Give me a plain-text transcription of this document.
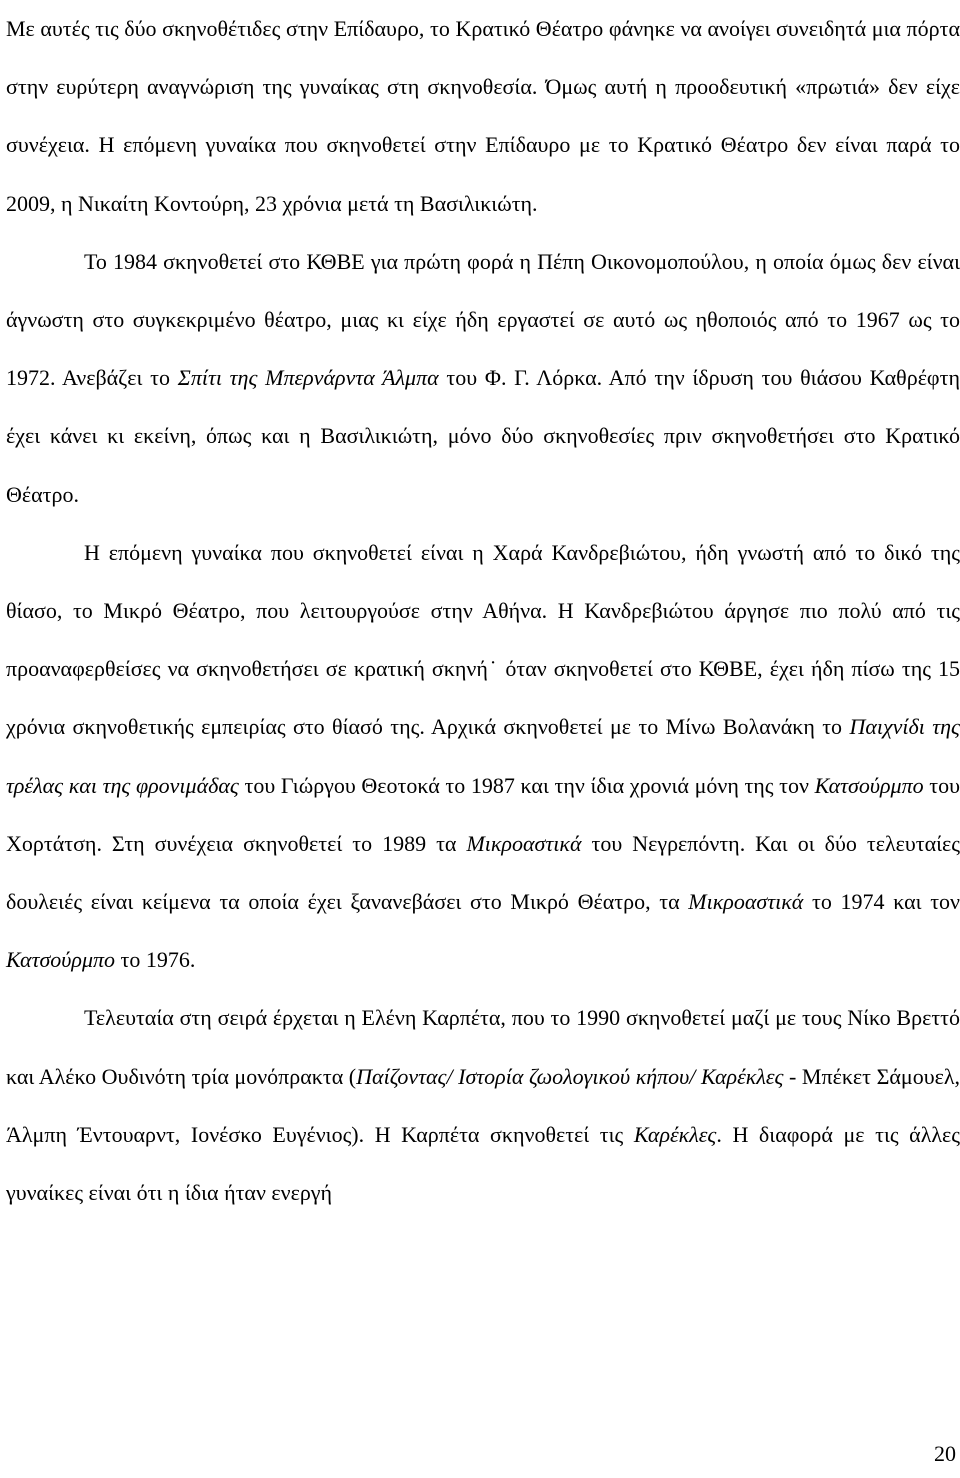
Με αυτές τις δύο σκηνοθέτιδες στην Επίδαυρο, το Κρατικό Θέατρο φάνηκε να ανοίγει συνειδητά μια πόρτα στην ευρύτερη αναγνώριση της γυναίκας στη σκηνοθεσία. Όμως αυτή η προοδευτική «πρωτιά» δεν είχε συνέχεια. Η επόμενη γυναίκα που σκηνοθετεί στην Επίδαυρο με το Κρατικό Θέατρο δεν είναι παρά το 2009, η Νικαίτη Κοντούρη, 23 χρόνια μετά τη Βασιλικιώτη.

Το 1984 σκηνοθετεί στο ΚΘΒΕ για πρώτη φορά η Πέπη Οικονομοπούλου, η οποία όμως δεν είναι άγνωστη στο συγκεκριμένο θέατρο, μιας κι είχε ήδη εργαστεί σε αυτό ως ηθοποιός από το 1967 ως το 1972. Ανεβάζει το Σπίτι της Μπερνάρντα Άλμπα του Φ. Γ. Λόρκα. Από την ίδρυση του θιάσου Καθρέφτη έχει κάνει κι εκείνη, όπως και η Βασιλικιώτη, μόνο δύο σκηνοθεσίες πριν σκηνοθετήσει στο Κρατικό Θέατρο.

Η επόμενη γυναίκα που σκηνοθετεί είναι η Χαρά Κανδρεβιώτου, ήδη γνωστή από το δικό της θίασο, το Μικρό Θέατρο, που λειτουργούσε στην Αθήνα. Η Κανδρεβιώτου άργησε πιο πολύ από τις προαναφερθείσες να σκηνοθετήσει σε κρατική σκηνή˙ όταν σκηνοθετεί στο ΚΘΒΕ, έχει ήδη πίσω της 15 χρόνια σκηνοθετικής εμπειρίας στο θίασό της. Αρχικά σκηνοθετεί με το Μίνω Βολανάκη το Παιχνίδι της τρέλας και της φρονιμάδας του Γιώργου Θεοτοκά το 1987 και την ίδια χρονιά μόνη της τον Κατσούρμπο του Χορτάτση. Στη συνέχεια σκηνοθετεί το 1989 τα Μικροαστικά του Νεγρεπόντη. Και οι δύο τελευταίες δουλειές είναι κείμενα τα οποία έχει ξανανεβάσει στο Μικρό Θέατρο, τα Μικροαστικά το 1974 και τον Κατσούρμπο το 1976.

Τελευταία στη σειρά έρχεται η Ελένη Καρπέτα, που το 1990 σκηνοθετεί μαζί με τους Νίκο Βρεττό και Αλέκο Ουδινότη τρία μονόπρακτα (Παίζοντας/ Ιστορία ζωολογικού κήπου/ Καρέκλες - Μπέκετ Σάμουελ, Άλμπη Έντουαρντ, Ιονέσκο Ευγένιος). Η Καρπέτα σκηνοθετεί τις Καρέκλες. Η διαφορά με τις άλλες γυναίκες είναι ότι η ίδια ήταν ενεργή

20
